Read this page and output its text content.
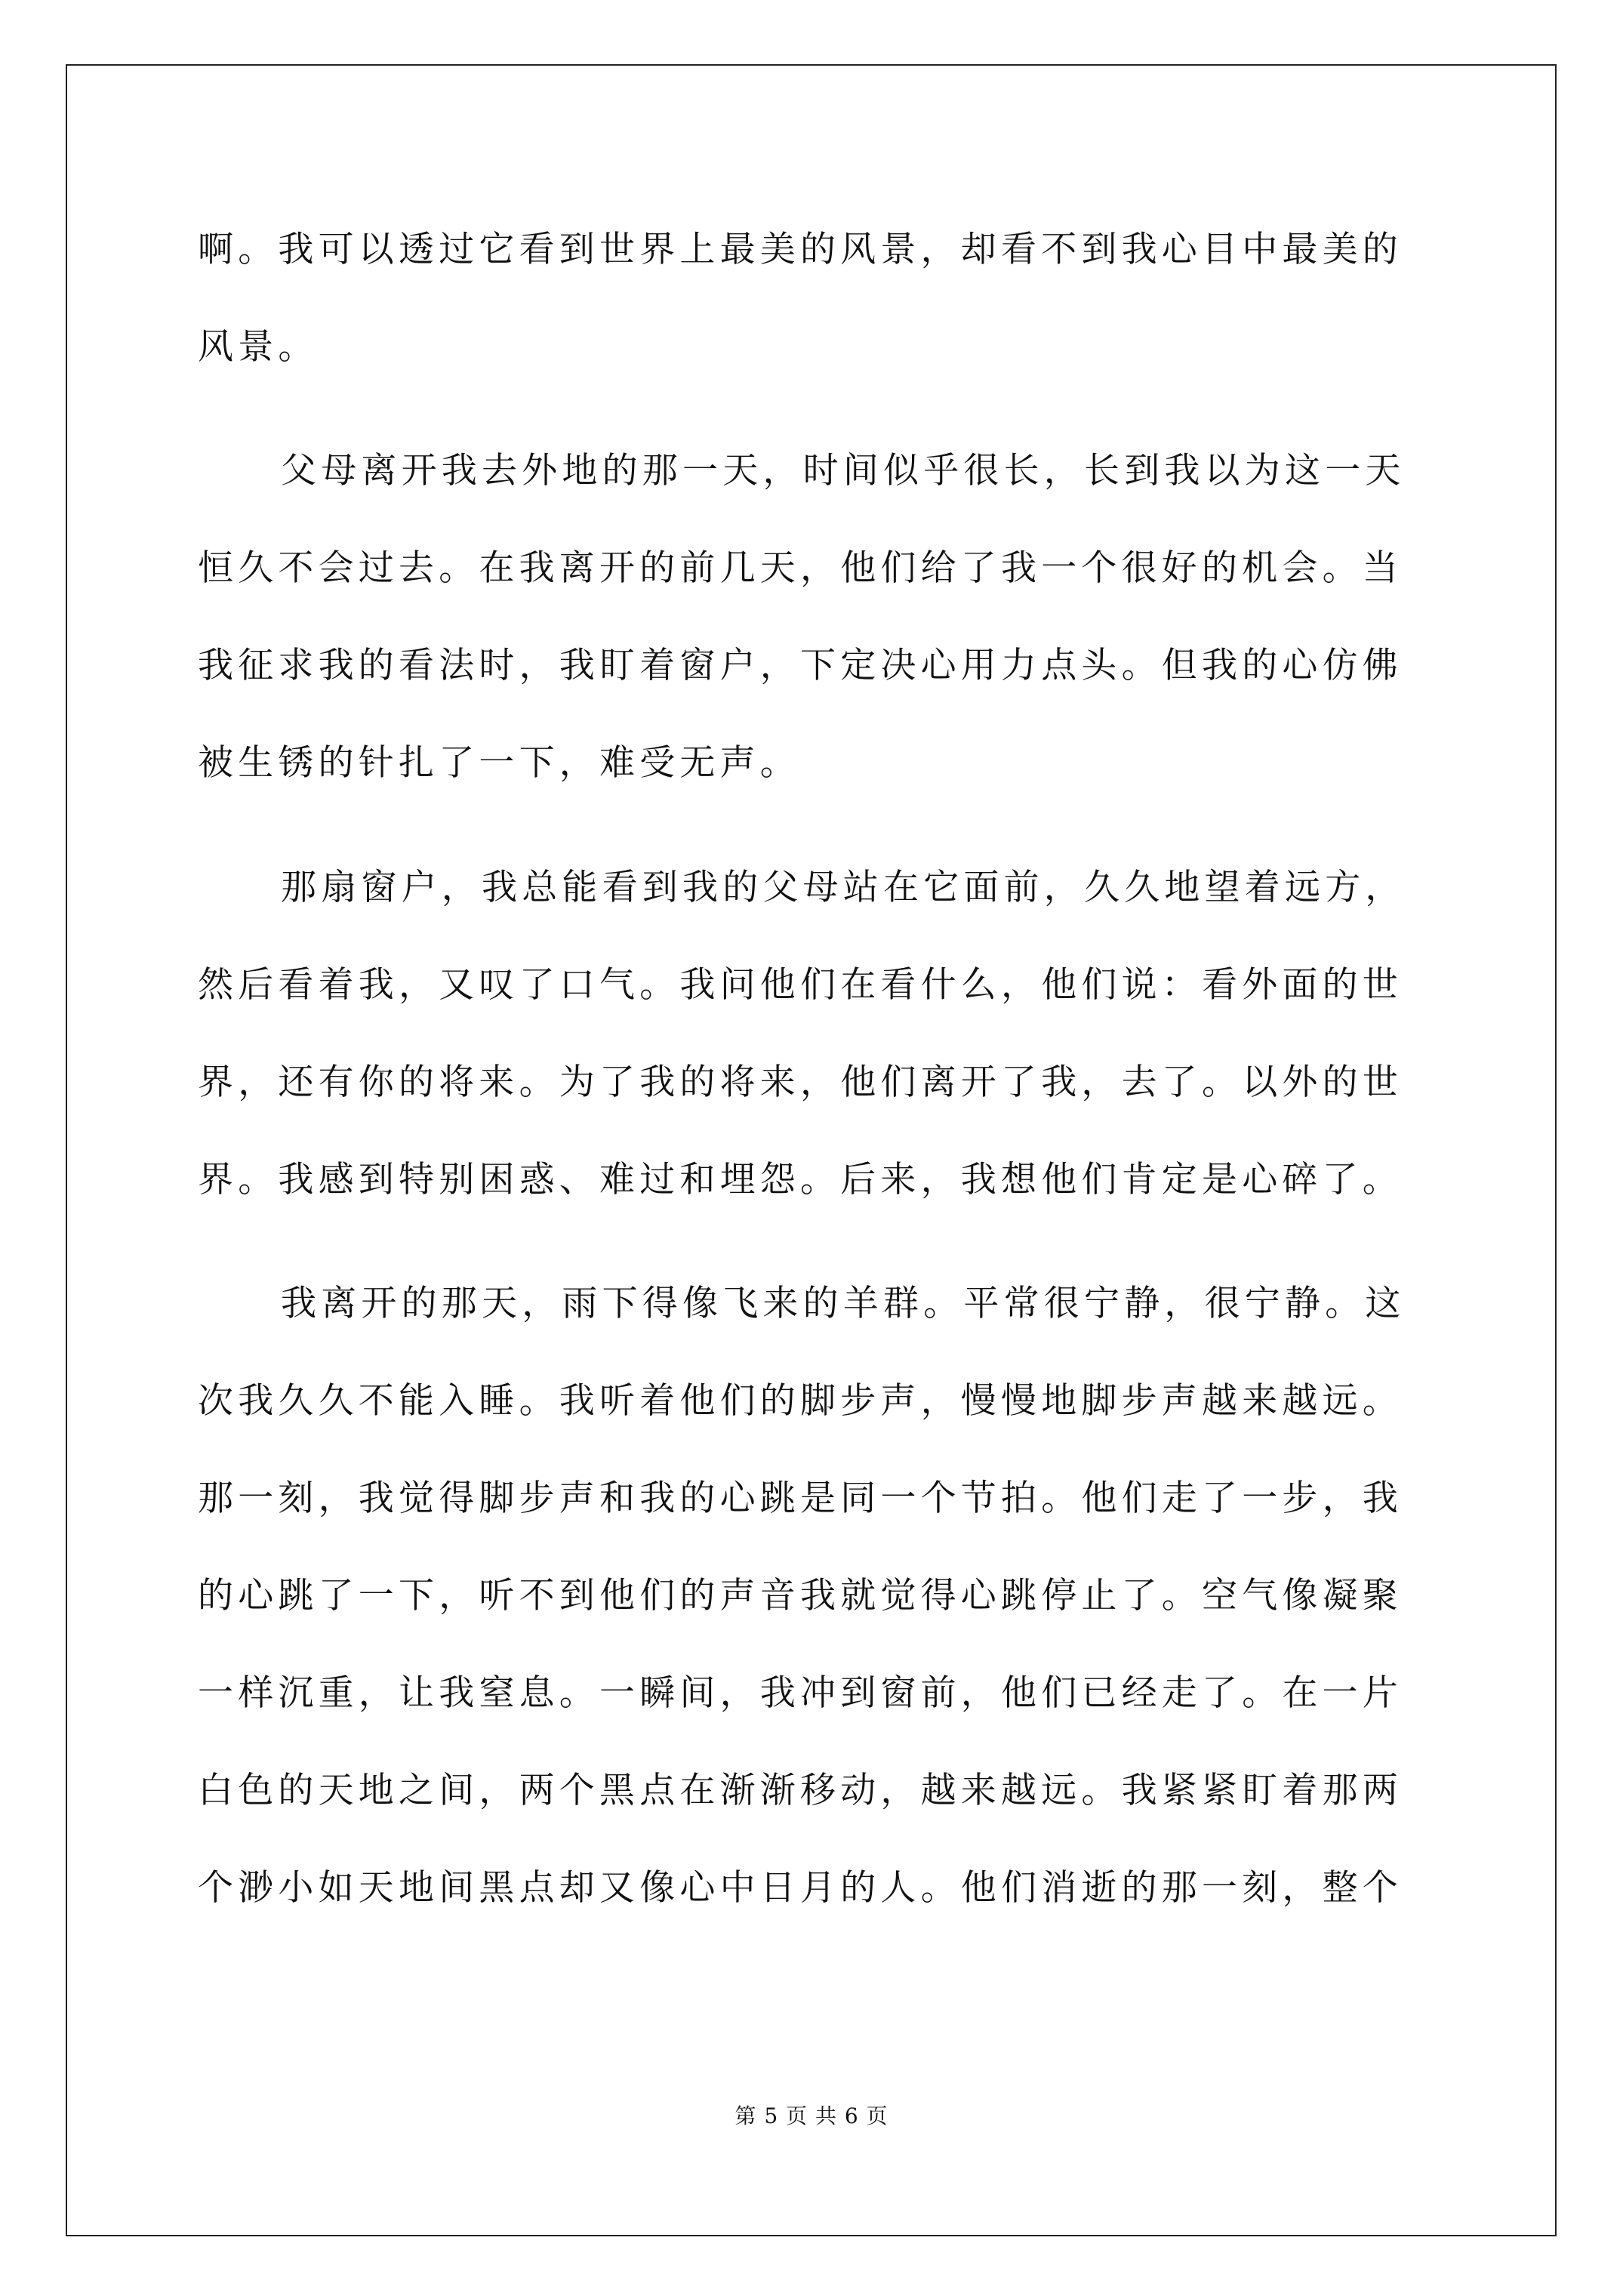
啊。我可以透过它看到世界上最美的风景，却看不到我心目中最美的
风景。
父母离开我去外地的那一天，时间似乎很长，长到我以为这一天
恒久不会过去。在我离开的前几天，他们给了我一个很好的机会。当
我征求我的看法时，我盯着窗户，下定决心用力点头。但我的心仿佛
被生锈的针扎了一下，难受无声。
那扇窗户，我总能看到我的父母站在它面前，久久地望着远方，
然后看着我，又叹了口气。我问他们在看什么，他们说：看外面的世
界，还有你的将来。为了我的将来，他们离开了我，去了。以外的世
界。我感到特别困惑、难过和埋怨。后来，我想他们肯定是心碎了。
我离开的那天，雨下得像飞来的羊群。平常很宁静，很宁静。这
次我久久不能入睡。我听着他们的脚步声，慢慢地脚步声越来越远。
那一刻，我觉得脚步声和我的心跳是同一个节拍。他们走了一步，我
的心跳了一下，听不到他们的声音我就觉得心跳停止了。空气像凝聚
一样沉重，让我窒息。一瞬间，我冲到窗前，他们已经走了。在一片
白色的天地之间，两个黑点在渐渐移动，越来越远。我紧紧盯着那两
个渺小如天地间黑点却又像心中日月的人。他们消逝的那一刻，整个
第 5 页 共 6 页
